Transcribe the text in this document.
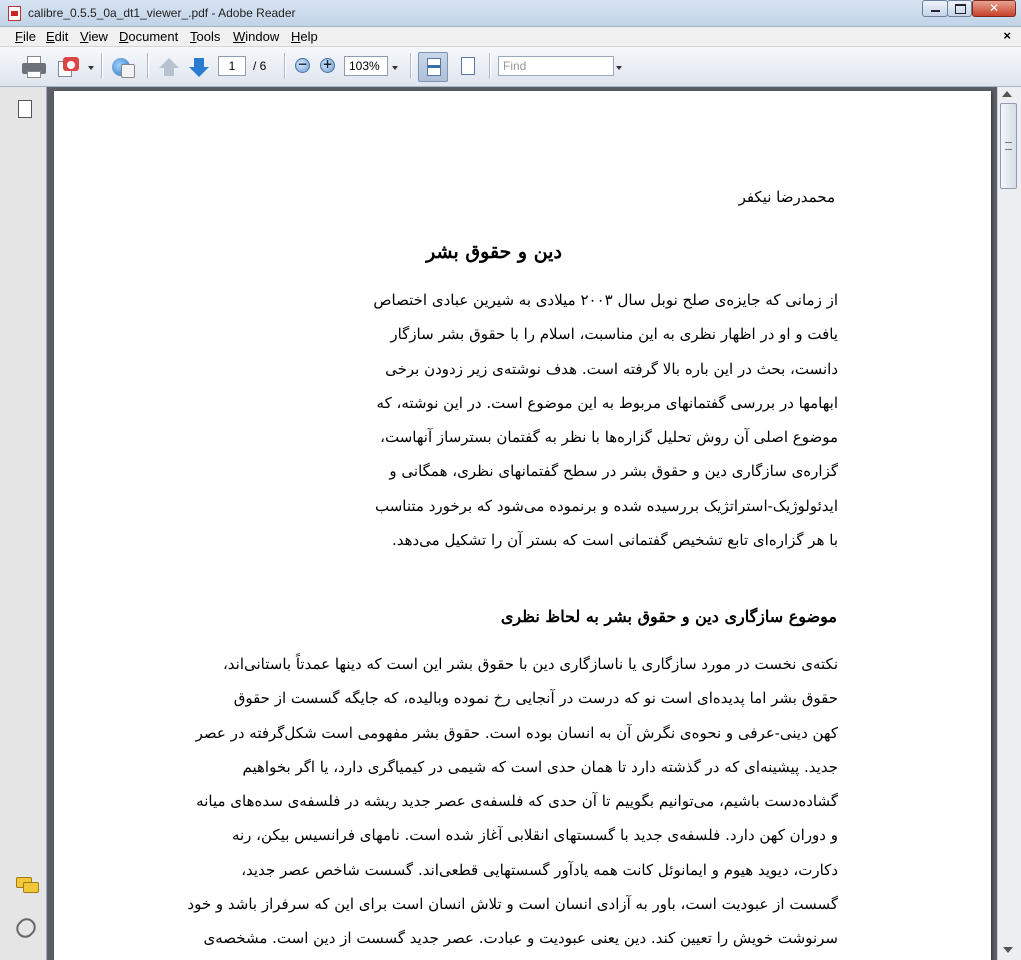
calibre_0.5.5_0a_dt1_viewer_.pdf - Adobe Reader	✕
File Edit View Document Tools Window Help	×
1	/ 6	− +	103%	Find
محمدرضا نیکفر
دین و حقوق بشر
از زمانی که جایزه‌ی صلح نوبل سال ۲۰۰۳ میلادی به شیرین عبادی اختصاص
یافت و او در اظهار نظری به این مناسبت، اسلام را با حقوق بشر سازگار
دانست، بحث در این باره بالا گرفته است. هدف نوشته‌ی زیر زدودن برخی
ابهامها در بررسی گفتمانهای مربوط به این موضوع است. در این نوشته، که
موضوع اصلی آن روش تحلیل گزاره‌ها با نظر به گفتمان بسترساز آنهاست،
گزاره‌ی سازگاری دین و حقوق بشر در سطح گفتمانهای نظری، همگانی و
ایدئولوژیک-استراتژیک بررسیده شده و برنموده می‌شود که برخورد متناسب
با هر گزاره‌ای تابع تشخیص گفتمانی است که بستر آن را تشکیل می‌دهد.
موضوع سازگاری دین و حقوق بشر به لحاظ نظری
نکته‌ی نخست در مورد سازگاری یا ناسازگاری دین با حقوق بشر این است که دینها عمدتاً باستانی‌اند،
حقوق بشر اما پدیده‌ای است نو که درست در آنجایی رخ نموده وبالیده، که جایگه گسست از حقوق
کهن دینی-عرفی و نحوه‌ی نگرش آن به انسان بوده است. حقوق بشر مفهومی است شکل‌گرفته در عصر
جدید. پیشینه‌ای که در گذشته دارد تا همان حدی است که شیمی در کیمیاگری دارد، یا اگر بخواهیم
گشاده‌دست باشیم، می‌توانیم بگوییم تا آن حدی که فلسفه‌ی عصر جدید ریشه در فلسفه‌ی سده‌های میانه
و دوران کهن دارد. فلسفه‌ی جدید با گسستهای انقلابی آغاز شده است. نامهای فرانسیس بیکن، رنه
دکارت، دیوید هیوم و ایمانوئل کانت همه یادآور گسستهایی قطعی‌اند. گسست شاخص عصر جدید،
گسست از عبودیت است، باور به آزادی انسان است و تلاش انسان است برای این که سرفراز باشد و خود
سرنوشت خویش را تعیین کند. دین یعنی عبودیت و عبادت. عصر جدید گسست از دین است. مشخصه‌ی
